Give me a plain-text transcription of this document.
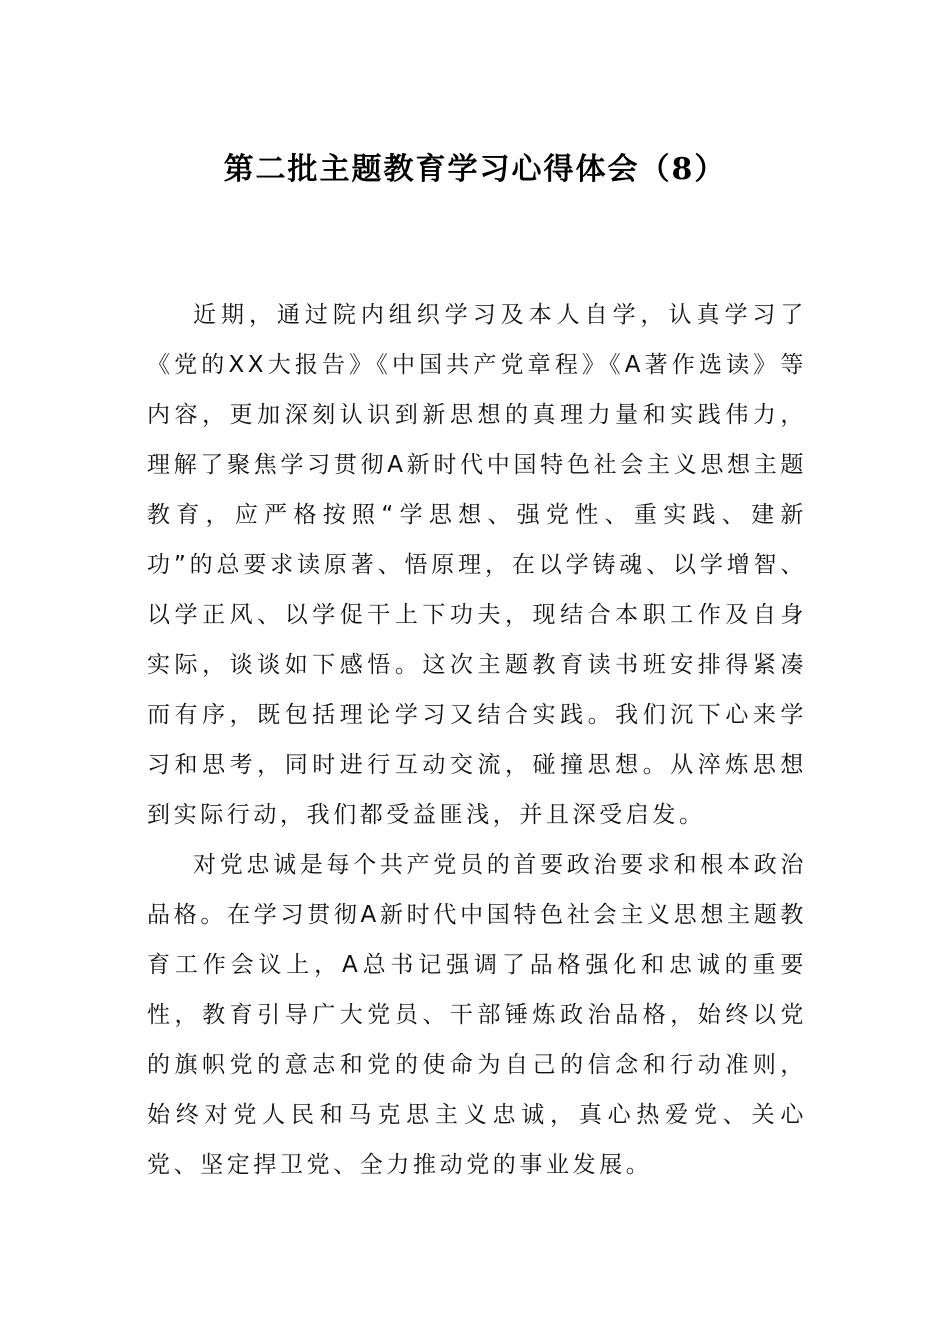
第二批主题教育学习心得体会（8）

近期，通过院内组织学习及本人自学，认真学习了《党的XX大报告》《中国共产党章程》《A著作选读》等内容，更加深刻认识到新思想的真理力量和实践伟力，理解了聚焦学习贯彻A新时代中国特色社会主义思想主题教育，应严格按照“学思想、强党性、重实践、建新功”的总要求读原著、悟原理，在以学铸魂、以学增智、以学正风、以学促干上下功夫，现结合本职工作及自身实际，谈谈如下感悟。这次主题教育读书班安排得紧凑而有序，既包括理论学习又结合实践。我们沉下心来学习和思考，同时进行互动交流，碰撞思想。从淬炼思想到实际行动，我们都受益匪浅，并且深受启发。

对党忠诚是每个共产党员的首要政治要求和根本政治品格。在学习贯彻A新时代中国特色社会主义思想主题教育工作会议上，A总书记强调了品格强化和忠诚的重要性，教育引导广大党员、干部锤炼政治品格，始终以党的旗帜党的意志和党的使命为自己的信念和行动准则，始终对党人民和马克思主义忠诚，真心热爱党、关心党、坚定捍卫党、全力推动党的事业发展。
